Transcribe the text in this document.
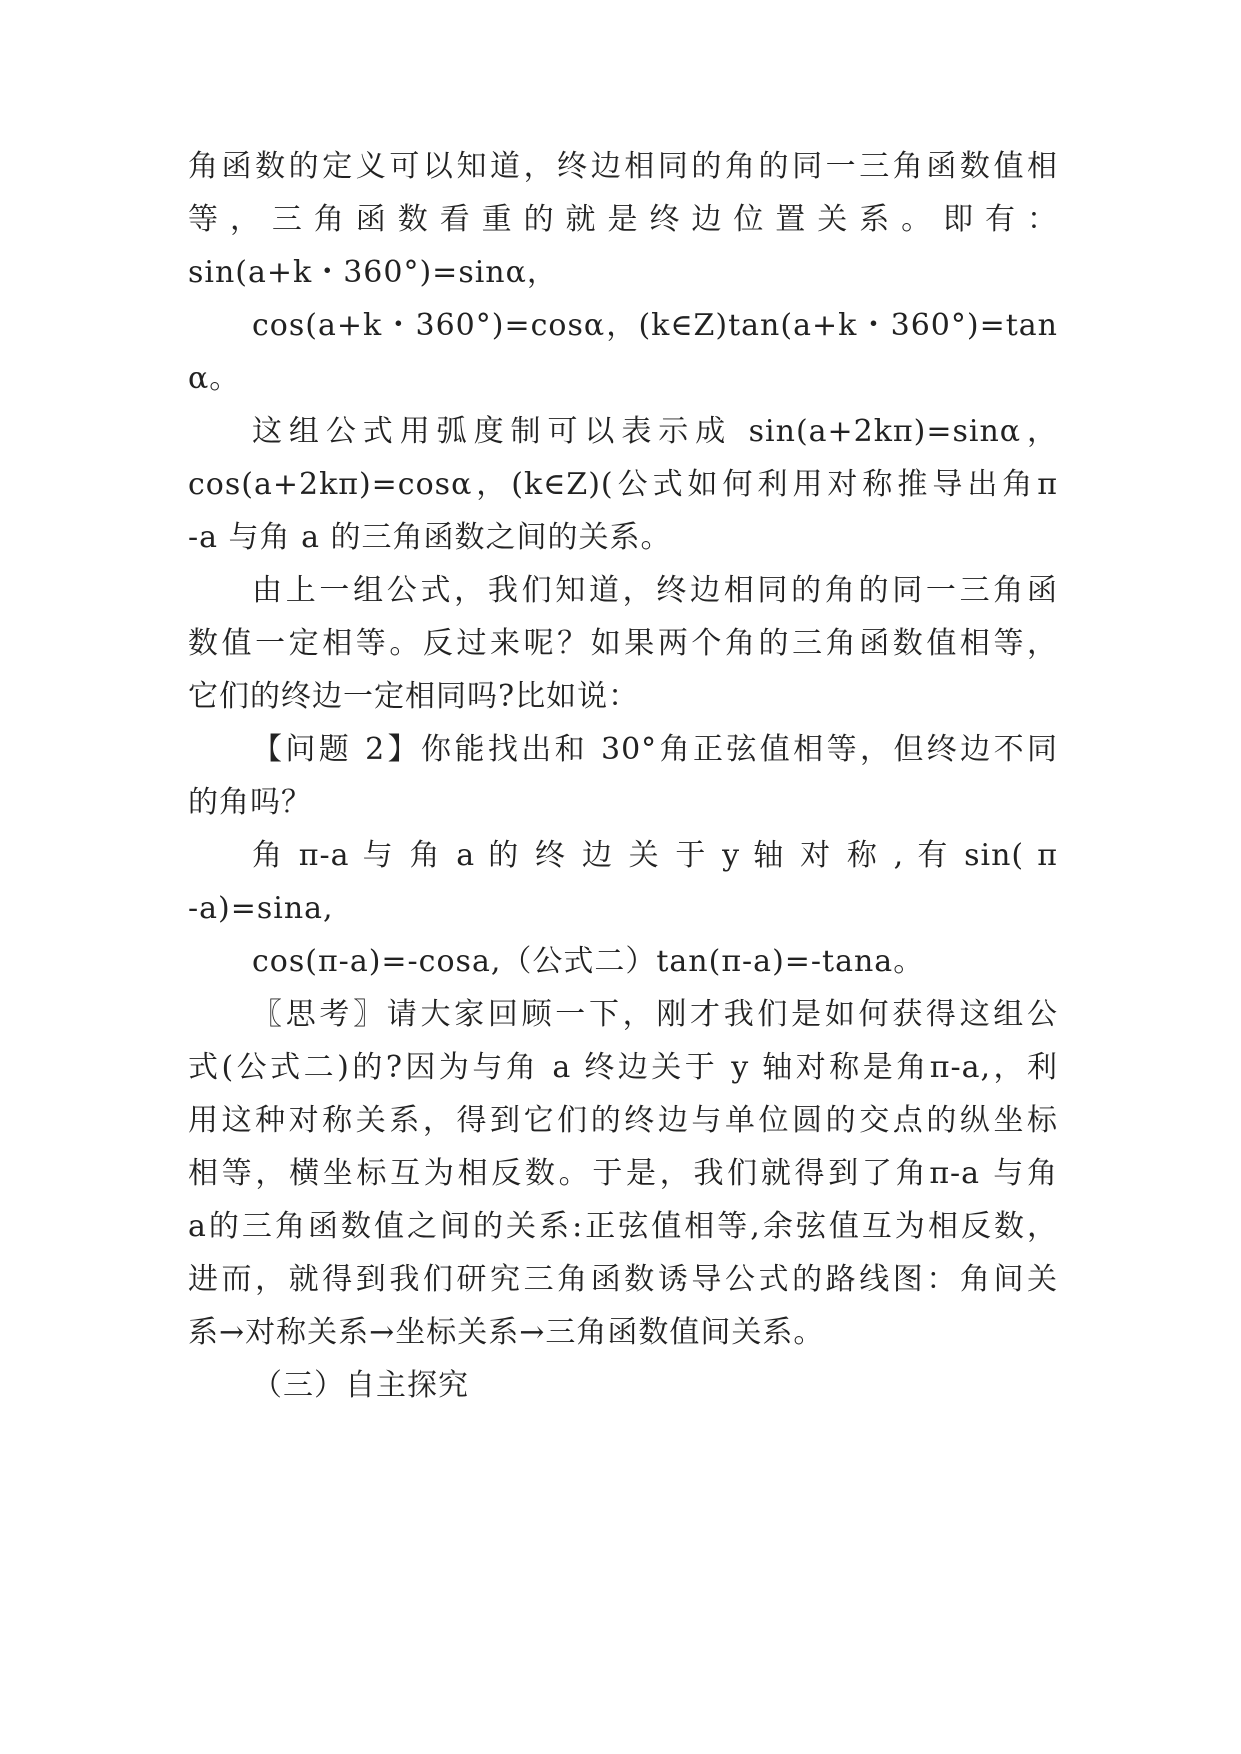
角函数的定义可以知道，终边相同的角的同一三角函数值相
等 ， 三 角 函 数 看 重 的 就 是 终 边 位 置 关 系 。 即 有 ：
sin(a+k・360°)=sinα，
cos(a+k・360°)=cosα，(k∈Z)tan(a+k・360°)=tan
α。
这组公式用弧度制可以表示成 sin(a+2kπ)=sinα，
cos(a+2kπ)=cosα，(k∈Z)(公式如何利用对称推导出角π
-a 与角 a 的三角函数之间的关系。
由上一组公式，我们知道，终边相同的角的同一三角函
数值一定相等。反过来呢？如果两个角的三角函数值相等，
它们的终边一定相同吗?比如说：
【问题 2】你能找出和 30°角正弦值相等，但终边不同
的角吗？
角 π-a 与 角 a 的 终 边 关 于 y 轴 对 称 , 有 sin( π
-a)=sina,
cos(π-a)=-cosa,（公式二）tan(π-a)=-tana。
〖思考〗请大家回顾一下，刚才我们是如何获得这组公
式(公式二)的?因为与角 a 终边关于 y 轴对称是角π-a,，利
用这种对称关系，得到它们的终边与单位圆的交点的纵坐标
相等，横坐标互为相反数。于是，我们就得到了角π-a 与角
a的三角函数值之间的关系:正弦值相等,余弦值互为相反数，
进而，就得到我们研究三角函数诱导公式的路线图：角间关
系→对称关系→坐标关系→三角函数值间关系。
（三）自主探究
